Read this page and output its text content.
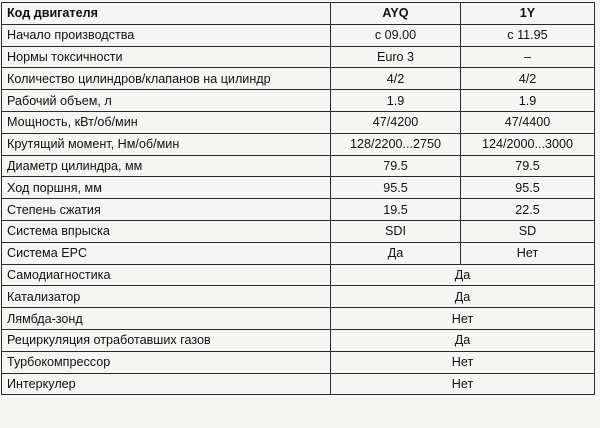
Код двигателя	AYQ	1Y
Начало производства	с 09.00	с 11.95
Нормы токсичности	Euro 3	–
Количество цилиндров/клапанов на цилиндр	4/2	4/2
Рабочий объем, л	1.9	1.9
Мощность, кВт/об/мин	47/4200	47/4400
Крутящий момент, Нм/об/мин	128/2200...2750	124/2000...3000
Диаметр цилиндра, мм	79.5	79.5
Ход поршня, мм	95.5	95.5
Степень сжатия	19.5	22.5
Система впрыска	SDI	SD
Система EPC	Да	Нет
Самодиагностика	Да	
Катализатор	Да	
Лямбда-зонд	Нет	
Рециркуляция отработавших газов	Да	
Турбокомпрессор	Нет	
Интеркулер	Нет	
